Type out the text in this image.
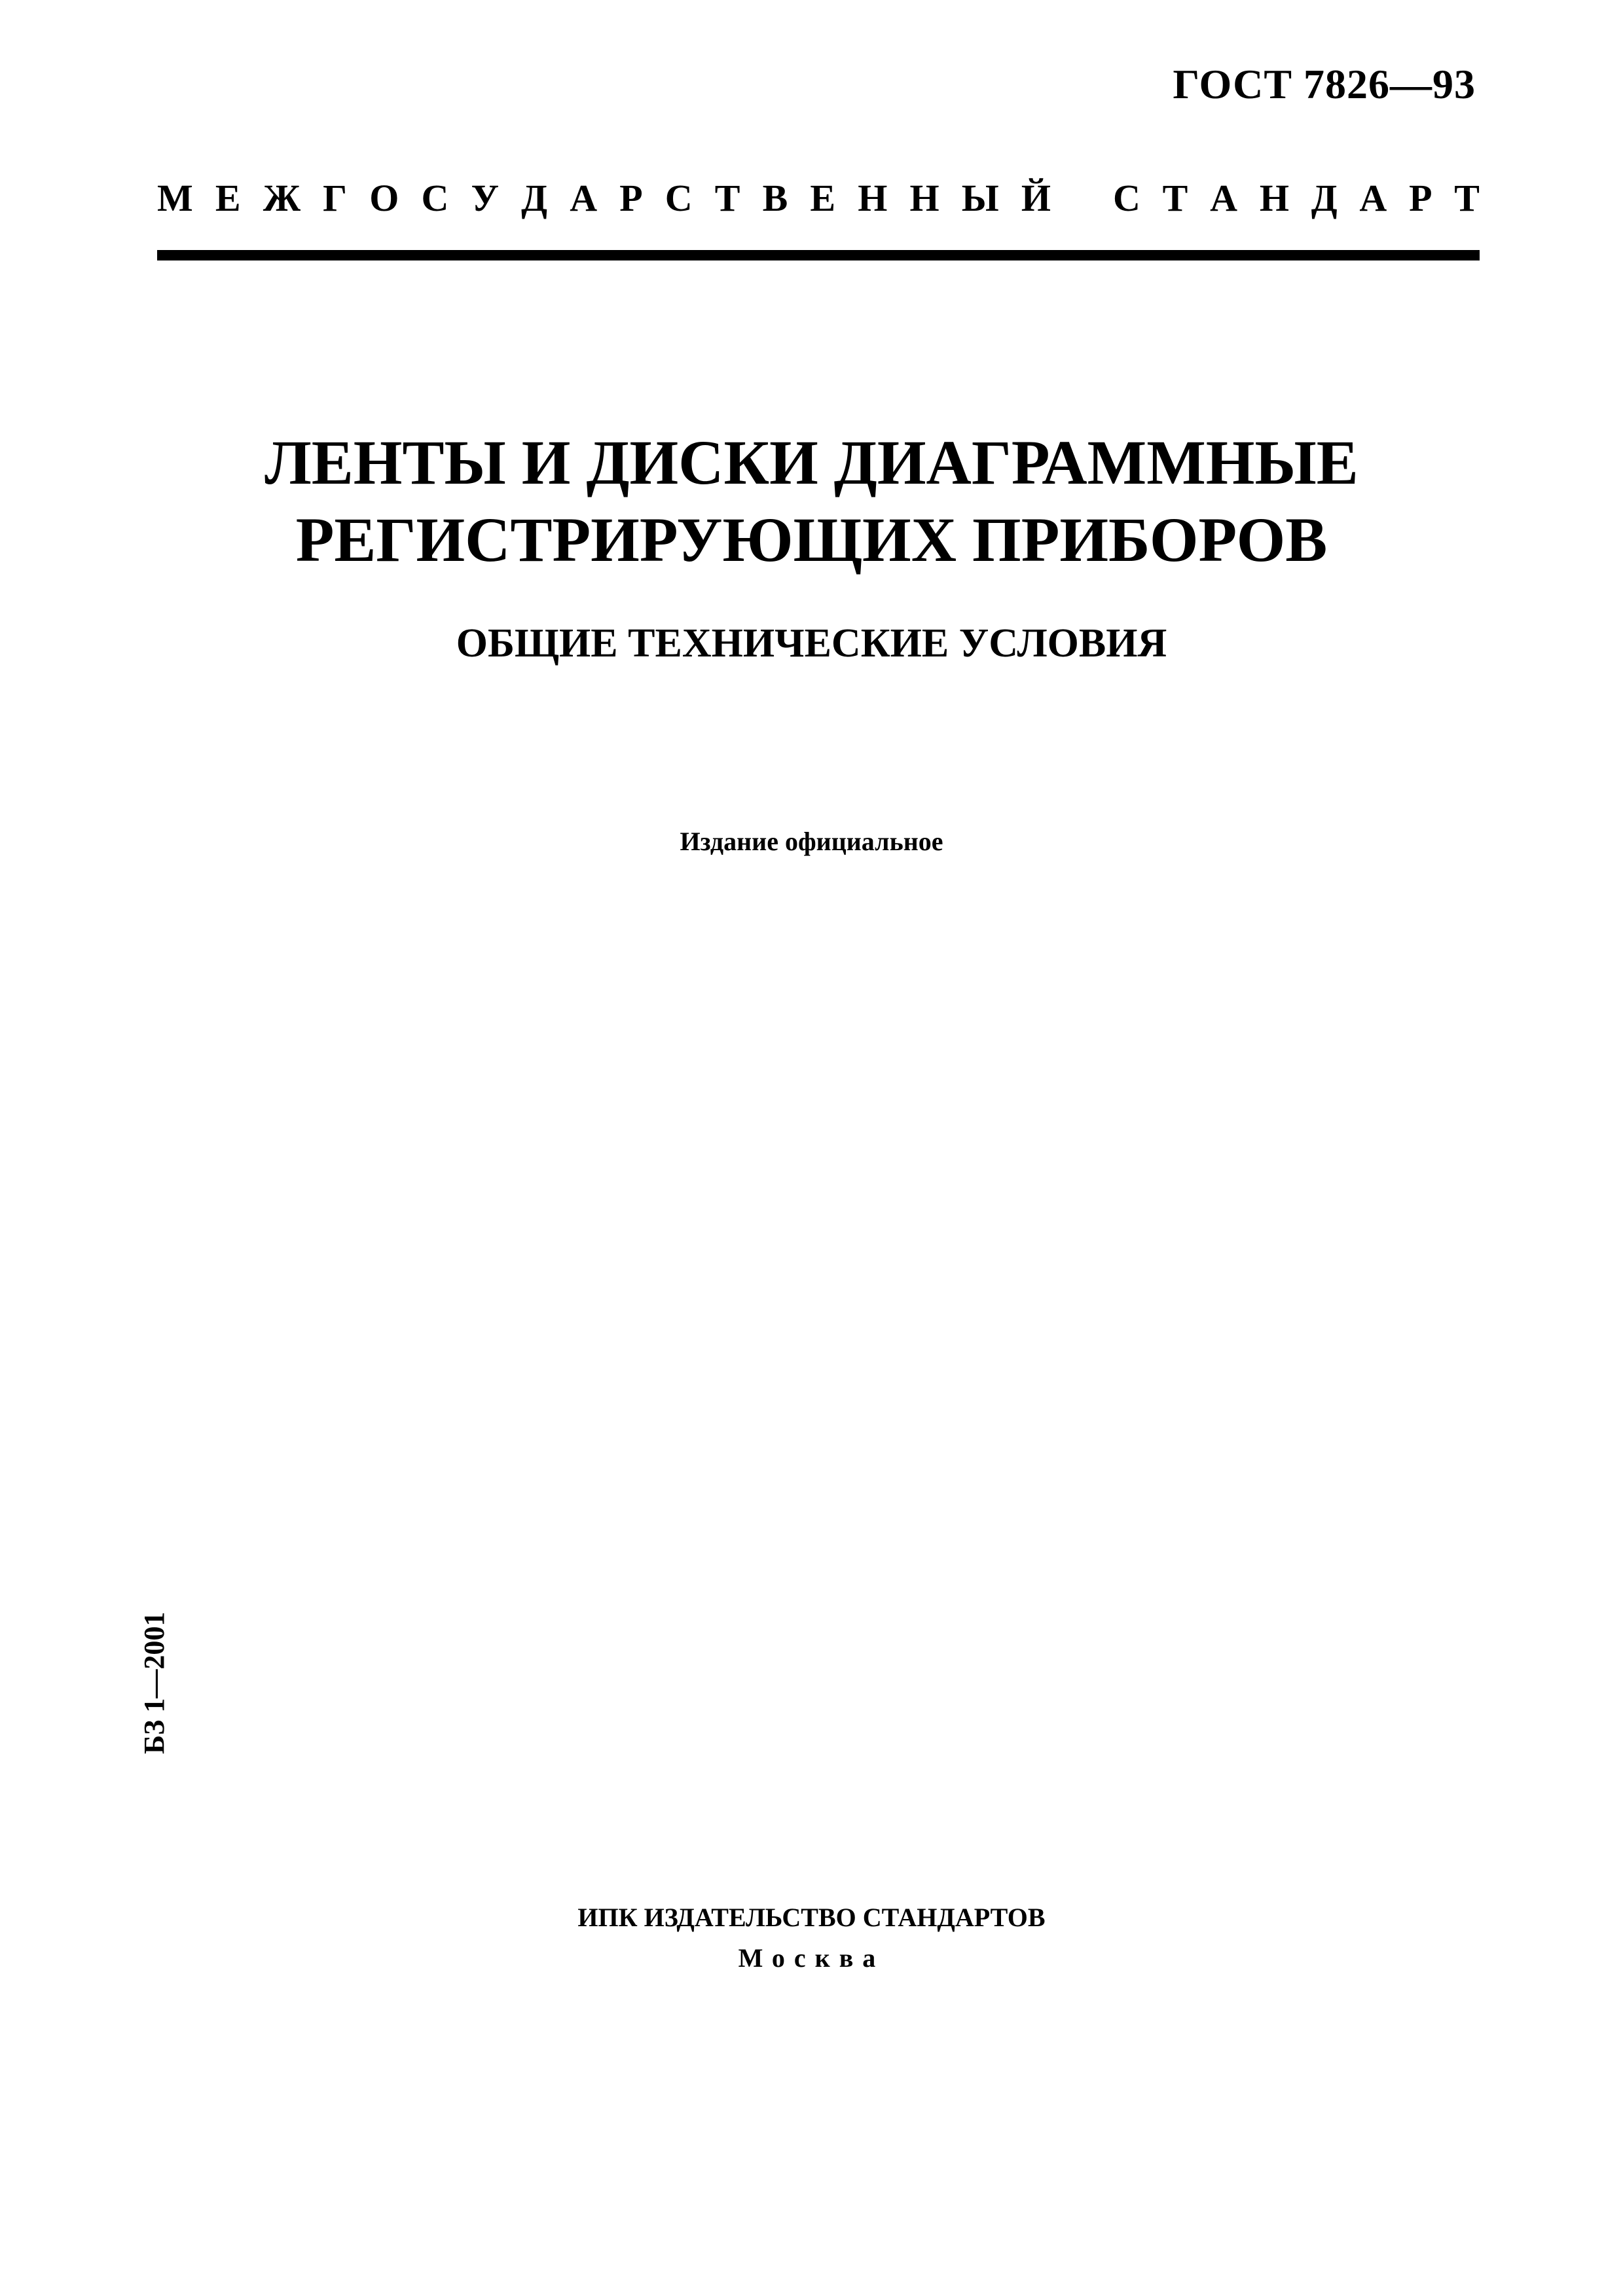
ГОСТ 7826—93
М Е Ж Г О С У Д А Р С Т В Е Н Н Ы Й С Т А Н Д А Р Т
ЛЕНТЫ И ДИСКИ ДИАГРАММНЫЕ
РЕГИСТРИРУЮЩИХ ПРИБОРОВ
ОБЩИЕ ТЕХНИЧЕСКИЕ УСЛОВИЯ
Издание официальное
БЗ 1—2001
ИПК ИЗДАТЕЛЬСТВО СТАНДАРТОВ
Москва
